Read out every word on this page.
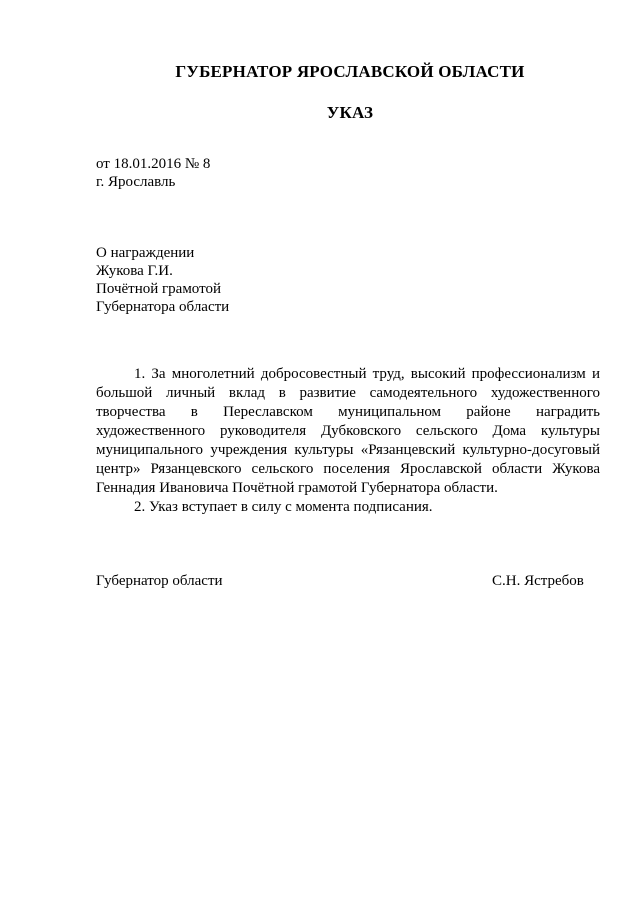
ГУБЕРНАТОР ЯРОСЛАВСКОЙ ОБЛАСТИ
УКАЗ
от 18.01.2016 № 8
г. Ярославль
О награждении
Жукова Г.И.
Почётной грамотой
Губернатора области

1. За многолетний добросовестный труд, высокий профессионализм и большой личный вклад в развитие самодеятельного художественного творчества в Переславском муниципальном районе наградить художественного руководителя Дубковского сельского Дома культуры муниципального учреждения культуры «Рязанцевский культурно-досуговый центр» Рязанцевского сельского поселения Ярославской области Жукова Геннадия Ивановича Почётной грамотой Губернатора области.

2. Указ вступает в силу с момента подписания.

Губернатор области	С.Н. Ястребов
